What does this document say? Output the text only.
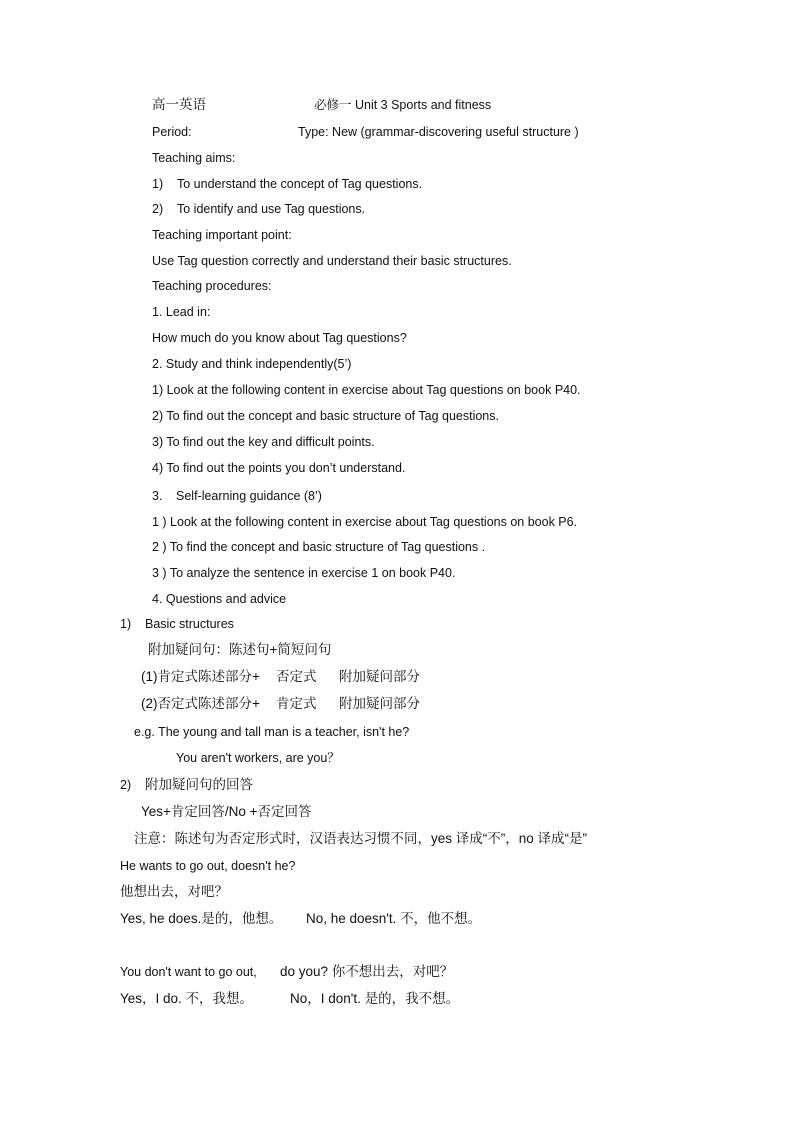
高一英语	必修一 Unit 3 Sports and fitness

Period:	Type: New (grammar-discovering useful structure )

Teaching aims:

1) To understand the concept of Tag questions.

2) To identify and use Tag questions.

Teaching important point:

Use Tag question correctly and understand their basic structures.

Teaching procedures:

1. Lead in:

How much do you know about Tag questions?

2. Study and think independently(5’)

1) Look at the following content in exercise about Tag questions on book P40.

2) To find out the concept and basic structure of Tag questions.

3) To find out the key and difficult points.

4) To find out the points you don’t understand.

3. Self-learning guidance (8’)

1 ) Look at the following content in exercise about Tag questions on book P6.

2 ) To find the concept and basic structure of Tag questions .

3 ) To analyze the sentence in exercise 1 on book P40.

4. Questions and advice

1) Basic structures

附加疑问句：陈述句+简短问句

(1)肯定式陈述部分+ 否定式 附加疑问部分

(2)否定式陈述部分+ 肯定式 附加疑问部分

e.g. The young and tall man is a teacher, isn't he?

You aren't workers, are you？

2) 附加疑问句的回答

Yes+肯定回答/No +否定回答

注意：陈述句为否定形式时，汉语表达习惯不同，yes 译成“不”，no 译成“是”

He wants to go out, doesn't he?

他想出去，对吧？

Yes, he does.是的，他想。 No, he doesn't. 不，他不想。

You don't want to go out, do you? 你不想出去，对吧？

Yes，I do. 不，我想。	No，I don't. 是的，我不想。
